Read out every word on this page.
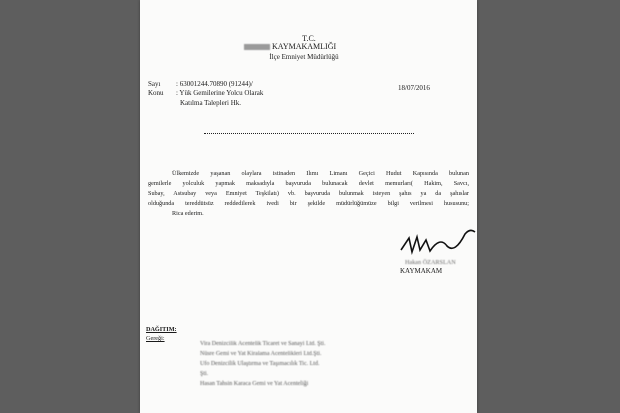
T.C.
KAYMAKAMLIĞI
İlçe Emniyet Müdürlüğü
Sayı : 63001244.70890 (91244)/	18/07/2016
Konu : Yük Gemilerine Yolcu Olarak
Katılma Talepleri Hk.

Ülkemizde yaşanan olaylara istinaden Ilımı Limanı Geçici Hudut Kapısında bulunan

gemilerle yolculuk yapmak maksadıyla başvuruda bulunacak devlet memurları( Hakim, Savcı,

Subay, Astsubay veya Emniyet Teşkilatı) vb. başvuruda bulunmak isteyen şahıs ya da şahıslar

olduğunda tereddütsüz reddedilerek ivedi bir şekilde müdürlüğümüze bilgi verilmesi hususunu;

Rica ederim.

Hakan ÖZARSLAN
KAYMAKAM
DAĞITIM:
Gereği:
Vira Denizcilik Acentelik Ticaret ve Sanayi Ltd. Şti.
Nüsre Gemi ve Yat Kiralama Acentelikleri Ltd.Şti.
Ufo Denizcilik Ulaştırma ve Taşımacılık Tic. Ltd. Şti.
Hasan Tahsin Karaca Gemi ve Yat Acenteliği
